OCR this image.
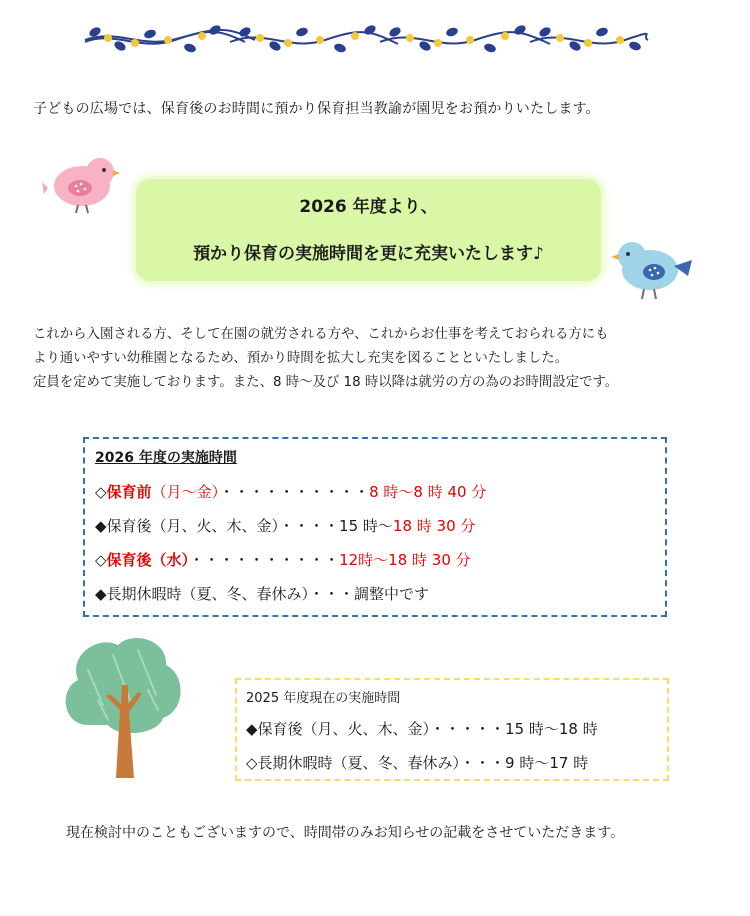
子どもの広場では、保育後のお時間に預かり保育担当教諭が園児をお預かりいたします。
2026 年度より、
預かり保育の実施時間を更に充実いたします♪
これから入園される方、そして在園の就労される方や、これからお仕事を考えておられる方にも
より通いやすい幼稚園となるため、預かり時間を拡大し充実を図ることといたしました。
定員を定めて実施しております。また、8 時～及び 18 時以降は就労の方の為のお時間設定です。
2026 年度の実施時間
◇保育前（月～金）・・・・・・・・・・8 時～8 時 40 分
◆保育後（月、火、木、金）・・・・15 時～18 時 30 分
◇保育後（水）・・・・・・・・・・12時～18 時 30 分
◆長期休暇時（夏、冬、春休み）・・・調整中です
2025 年度現在の実施時間
◆保育後（月、火、木、金）・・・・・15 時～18 時
◇長期休暇時（夏、冬、春休み）・・・9 時～17 時
現在検討中のこともございますので、時間帯のみお知らせの記載をさせていただきます。
